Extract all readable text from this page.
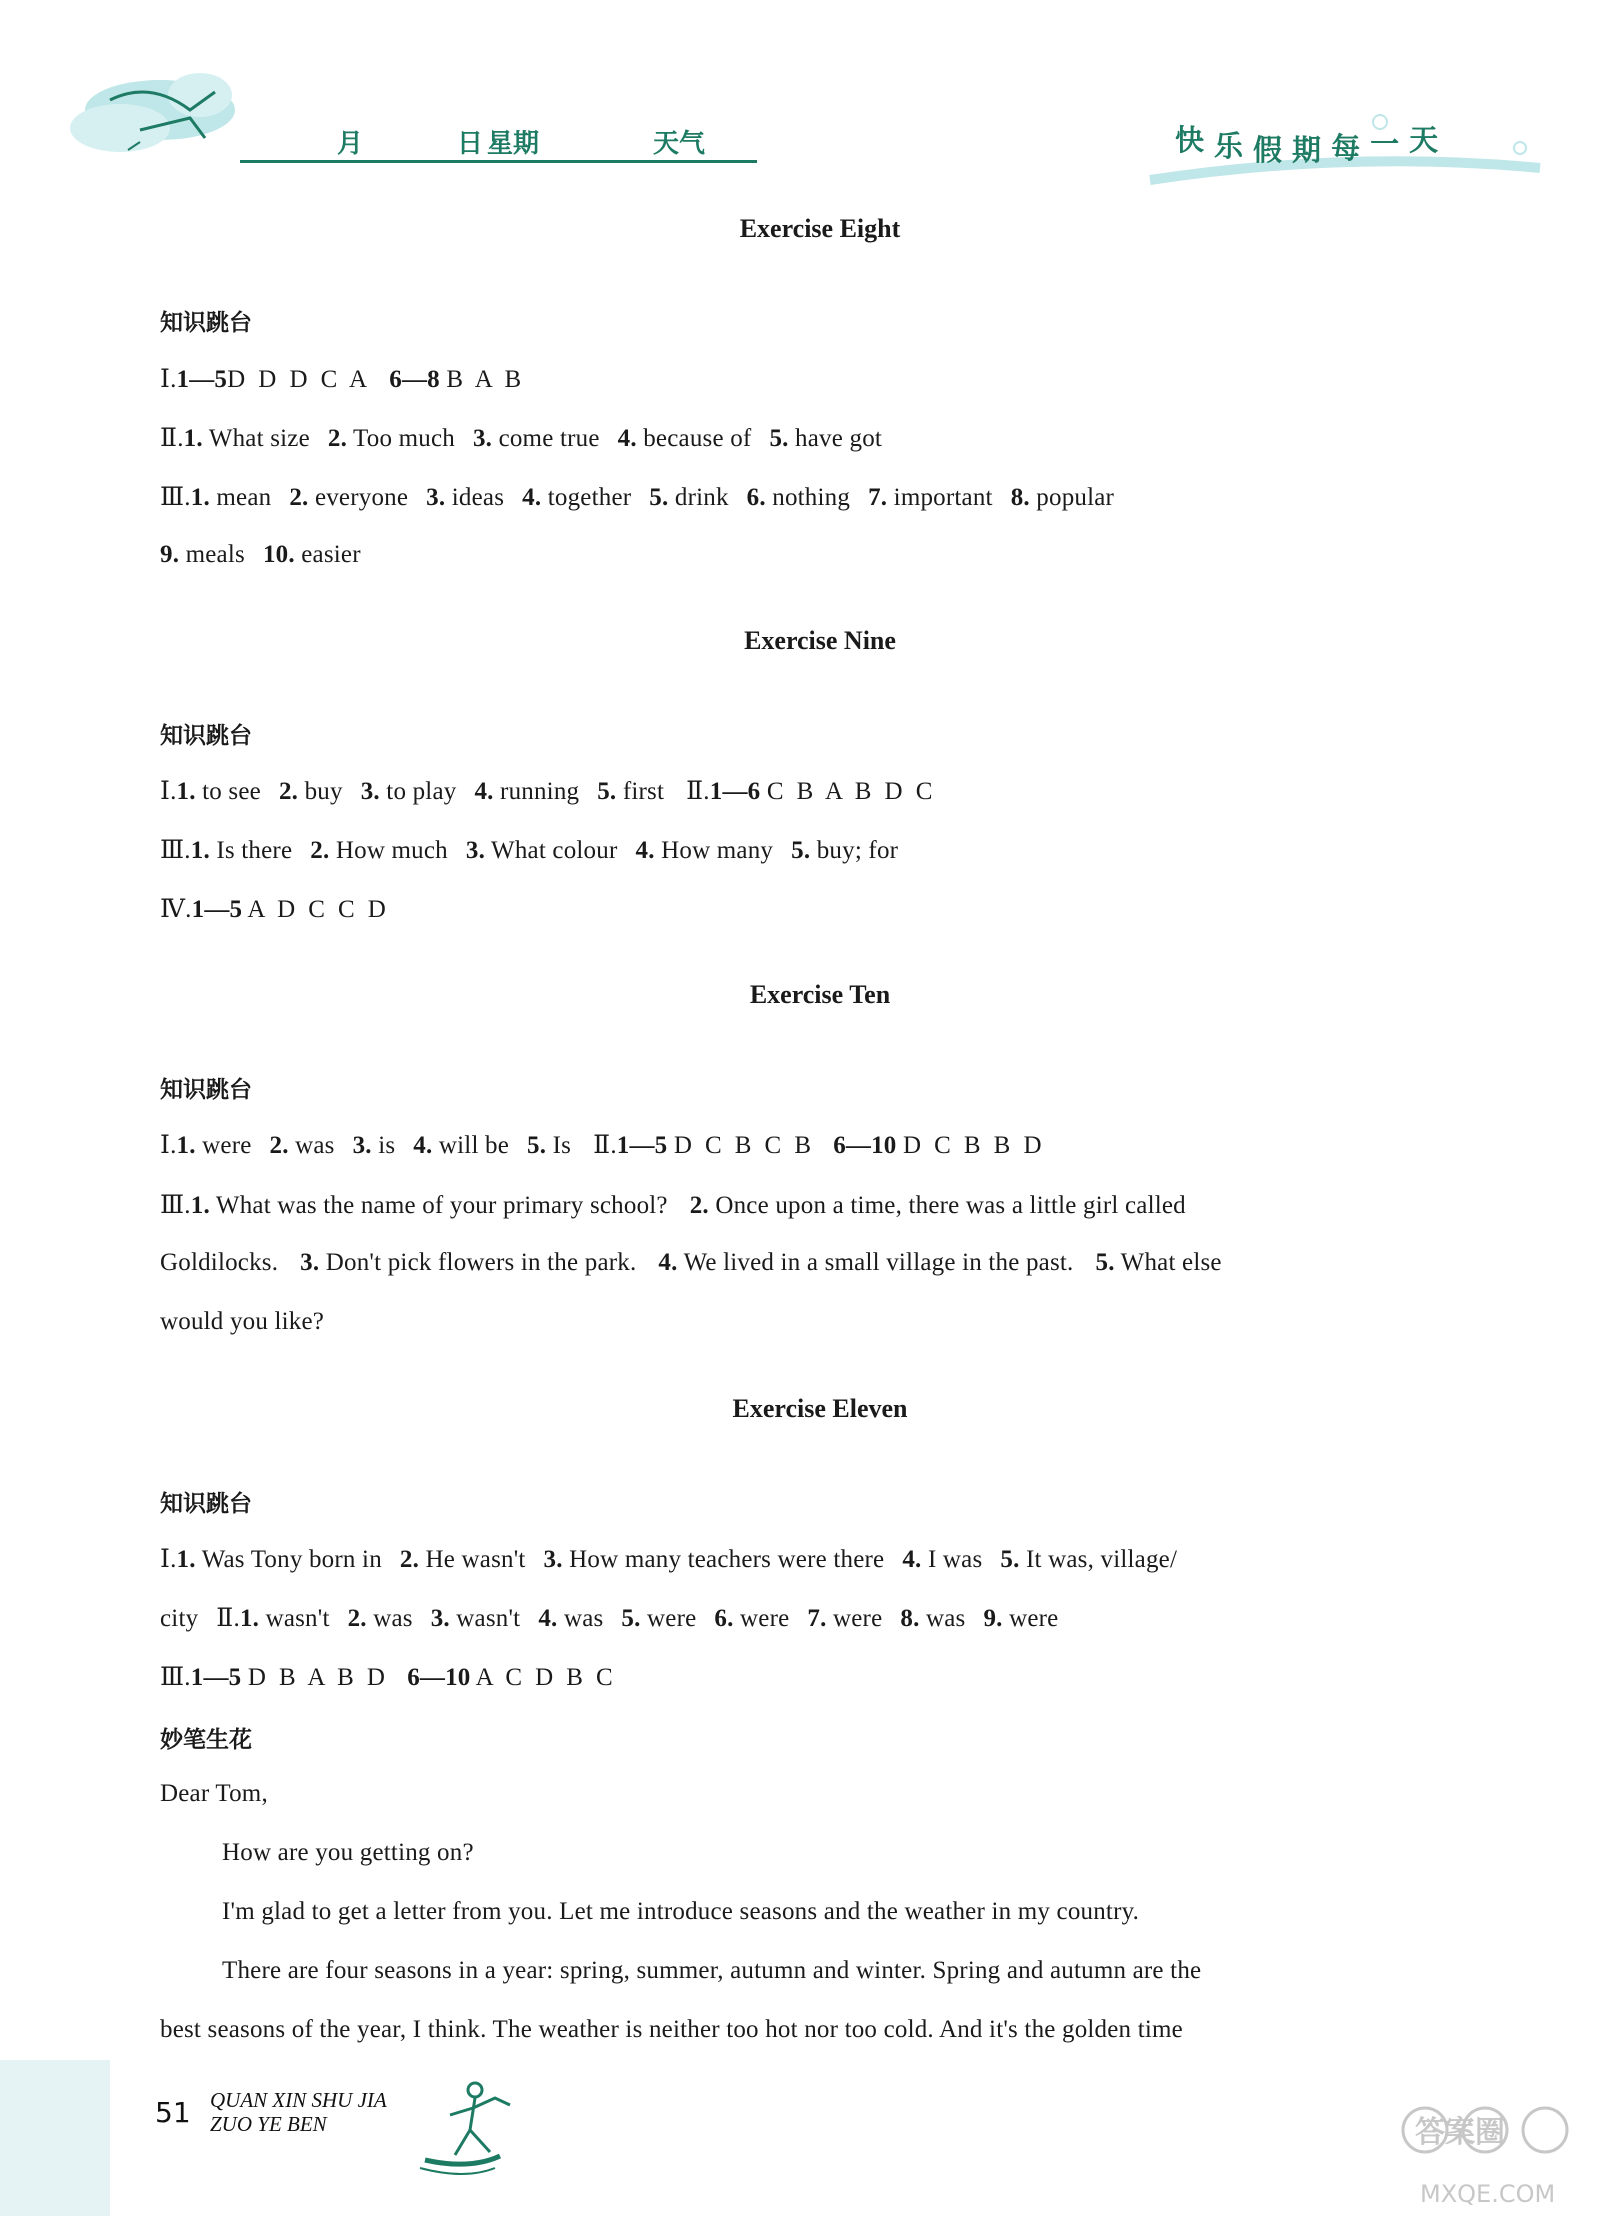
月	日 星期	天气	快 乐 假 期 每 一 天
Exercise Eight
知识跳台
Ⅰ.1—5D  D  D  C  A 6—8 B  A  B
Ⅱ.1. What size 2. Too much 3. come true 4. because of 5. have got
Ⅲ.1. mean 2. everyone 3. ideas 4. together 5. drink 6. nothing 7. important 8. popular
9. meals 10. easier
Exercise Nine
知识跳台
Ⅰ.1. to see 2. buy 3. to play 4. running 5. first Ⅱ.1—6 C  B  A  B  D  C
Ⅲ.1. Is there 2. How much 3. What colour 4. How many 5. buy; for
Ⅳ.1—5 A  D  C  C  D
Exercise Ten
知识跳台
Ⅰ.1. were 2. was 3. is 4. will be 5. Is Ⅱ.1—5 D  C  B  C  B 6—10 D  C  B  B  D
Ⅲ.1. What was the name of your primary school? 2. Once upon a time, there was a little girl called
Goldilocks. 3. Don't pick flowers in the park. 4. We lived in a small village in the past. 5. What else
would you like?
Exercise Eleven
知识跳台
Ⅰ.1. Was Tony born in 2. He wasn't 3. How many teachers were there 4. I was 5. It was, village/
city Ⅱ.1. wasn't 2. was 3. wasn't 4. was 5. were 6. were 7. were 8. was 9. were
Ⅲ.1—5 D  B  A  B  D 6—10 A  C  D  B  C
妙笔生花
Dear Tom,
How are you getting on?
I'm glad to get a letter from you. Let me introduce seasons and the weather in my country.
There are four seasons in a year: spring, summer, autumn and winter. Spring and autumn are the
best seasons of the year, I think. The weather is neither too hot nor too cold. And it's the golden time
51 QUAN XIN SHU JIA
ZUO YE BEN	答案圈
MXQE.COM
